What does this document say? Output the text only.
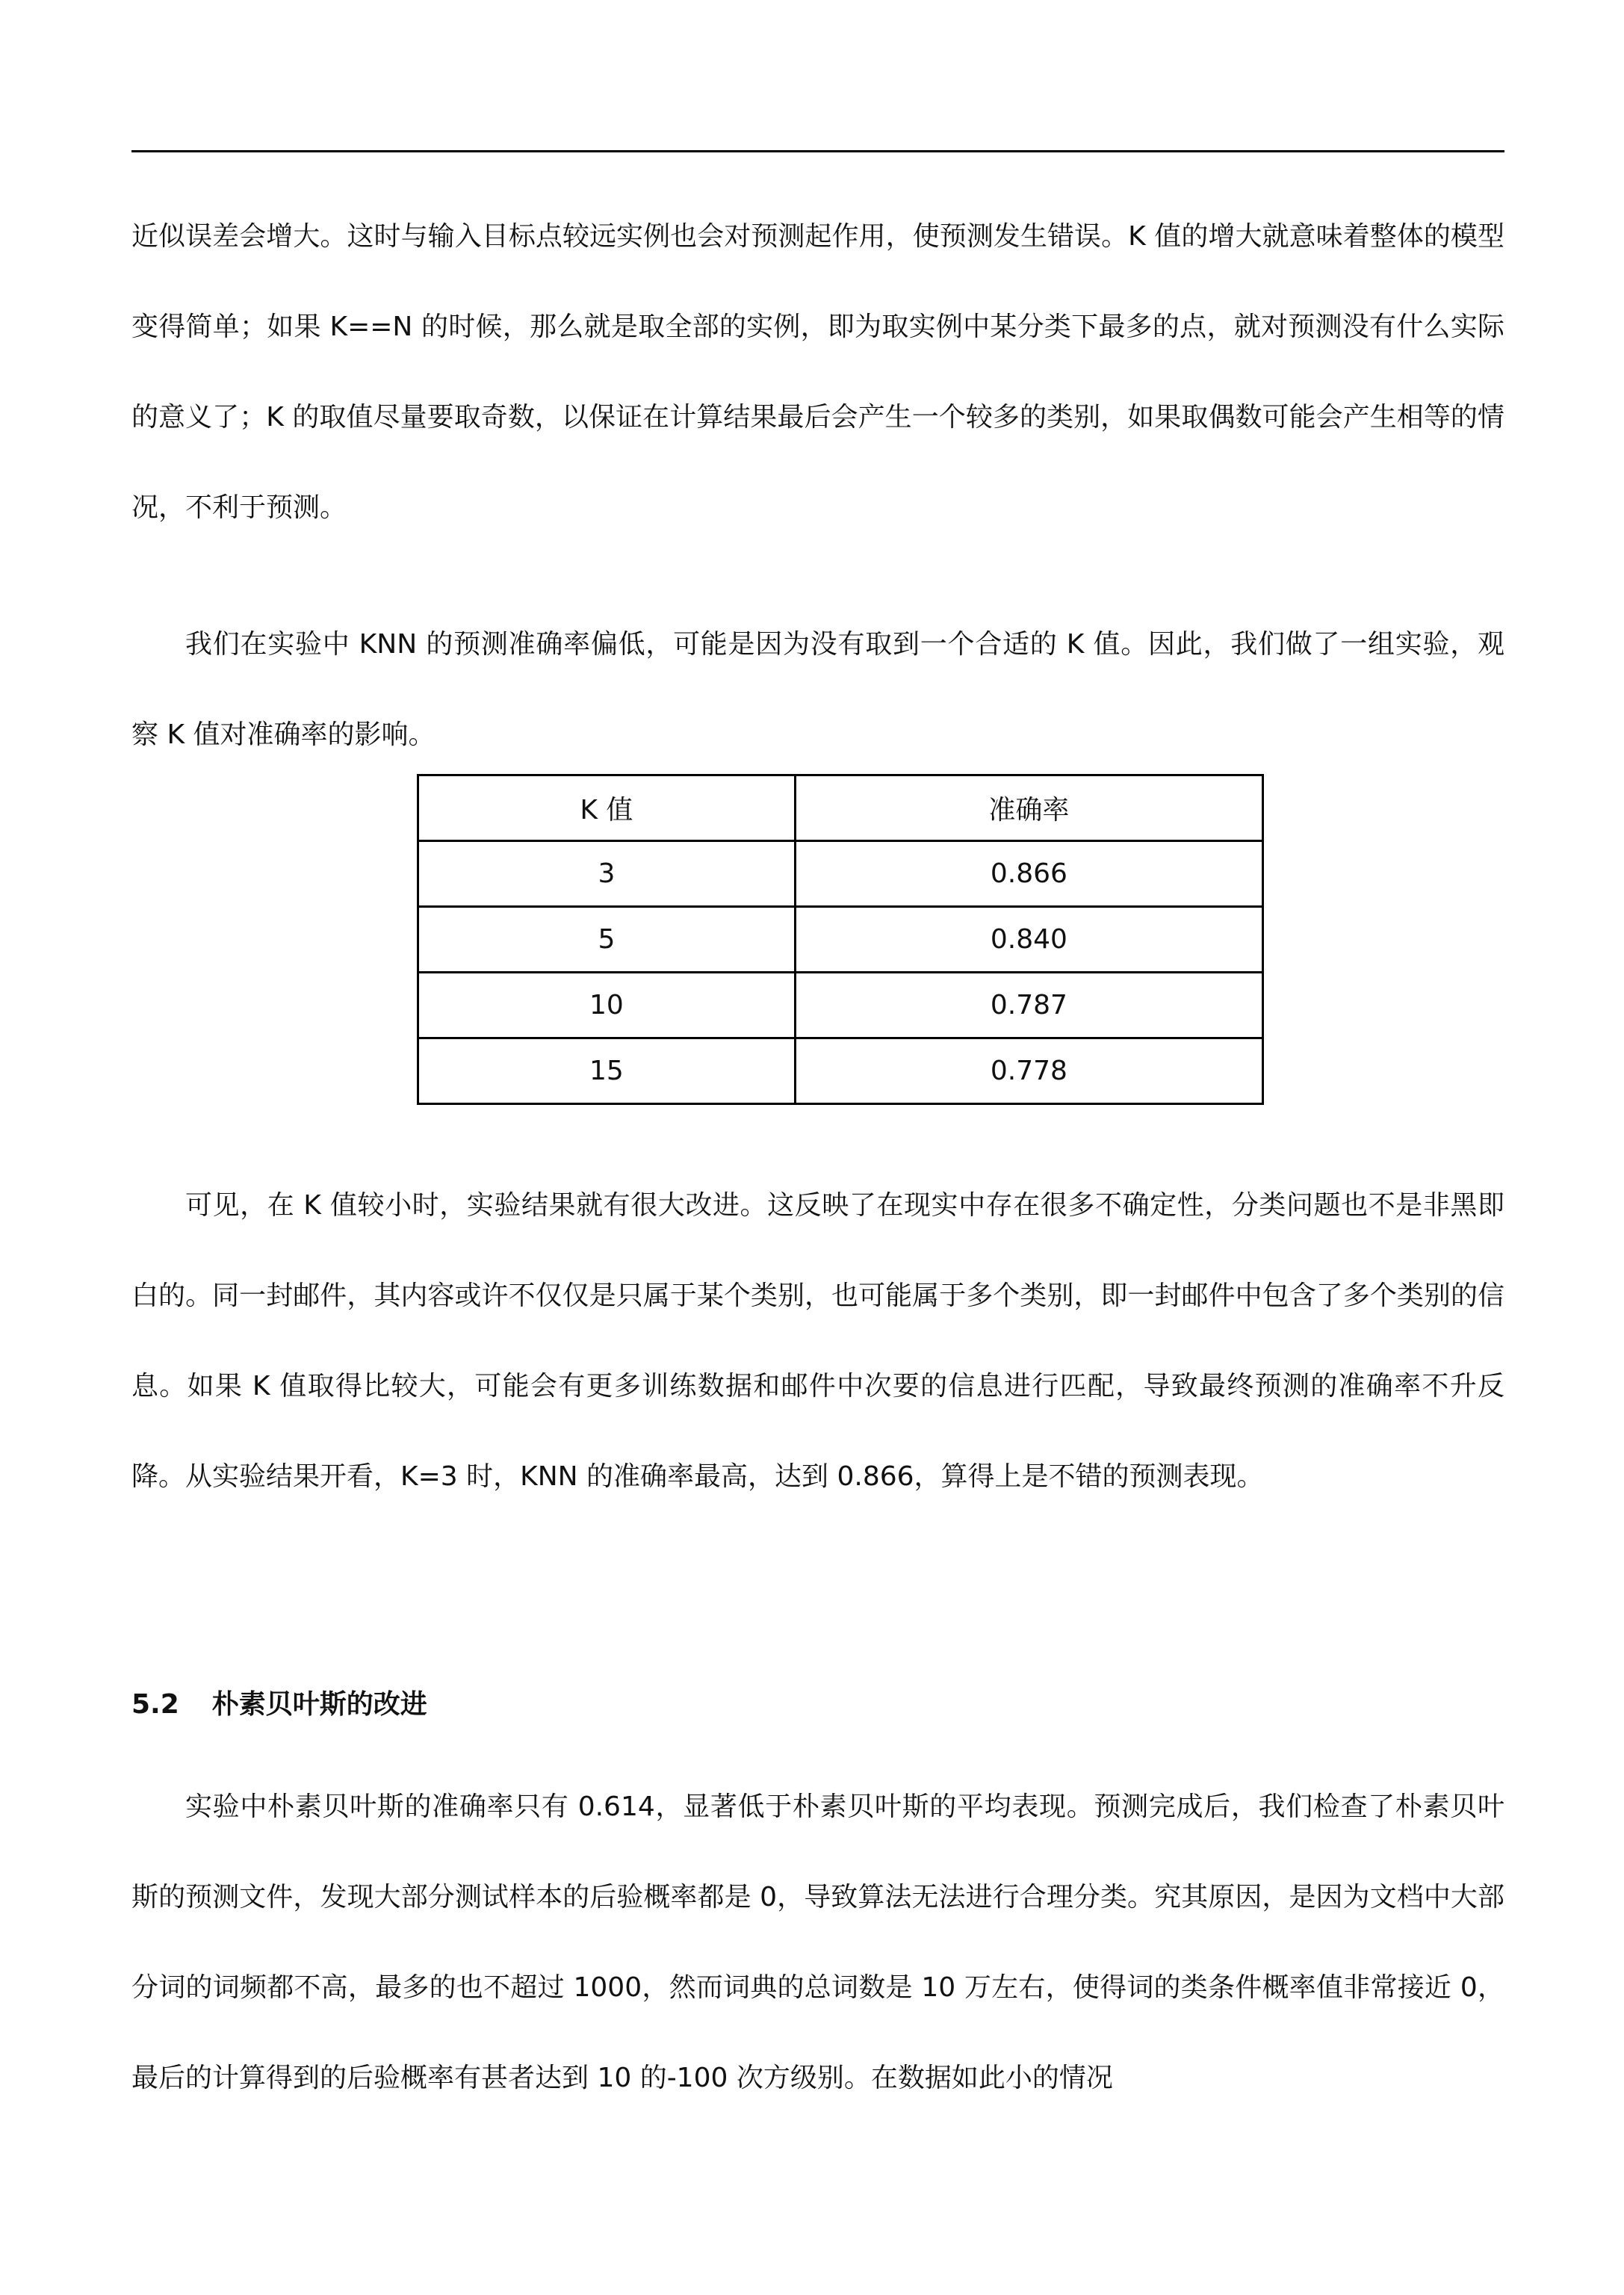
近似误差会增大。这时与输入目标点较远实例也会对预测起作用，使预测发生错误。K 值的增大就意味着整体的模型变得简单；如果 K==N 的时候，那么就是取全部的实例，即为取实例中某分类下最多的点，就对预测没有什么实际的意义了；K 的取值尽量要取奇数，以保证在计算结果最后会产生一个较多的类别，如果取偶数可能会产生相等的情况，不利于预测。

我们在实验中 KNN 的预测准确率偏低，可能是因为没有取到一个合适的 K 值。因此，我们做了一组实验，观察 K 值对准确率的影响。

K 值	准确率
3	0.866
5	0.840
10	0.787
15	0.778

可见，在 K 值较小时，实验结果就有很大改进。这反映了在现实中存在很多不确定性，分类问题也不是非黑即白的。同一封邮件，其内容或许不仅仅是只属于某个类别，也可能属于多个类别，即一封邮件中包含了多个类别的信息。如果 K 值取得比较大，可能会有更多训练数据和邮件中次要的信息进行匹配，导致最终预测的准确率不升反降。从实验结果开看，K=3 时，KNN 的准确率最高，达到 0.866，算得上是不错的预测表现。

5.2 朴素贝叶斯的改进

实验中朴素贝叶斯的准确率只有 0.614，显著低于朴素贝叶斯的平均表现。预测完成后，我们检查了朴素贝叶斯的预测文件，发现大部分测试样本的后验概率都是 0，导致算法无法进行合理分类。究其原因，是因为文档中大部分词的词频都不高，最多的也不超过 1000，然而词典的总词数是 10 万左右，使得词的类条件概率值非常接近 0，最后的计算得到的后验概率有甚者达到 10 的-100 次方级别。在数据如此小的情况
